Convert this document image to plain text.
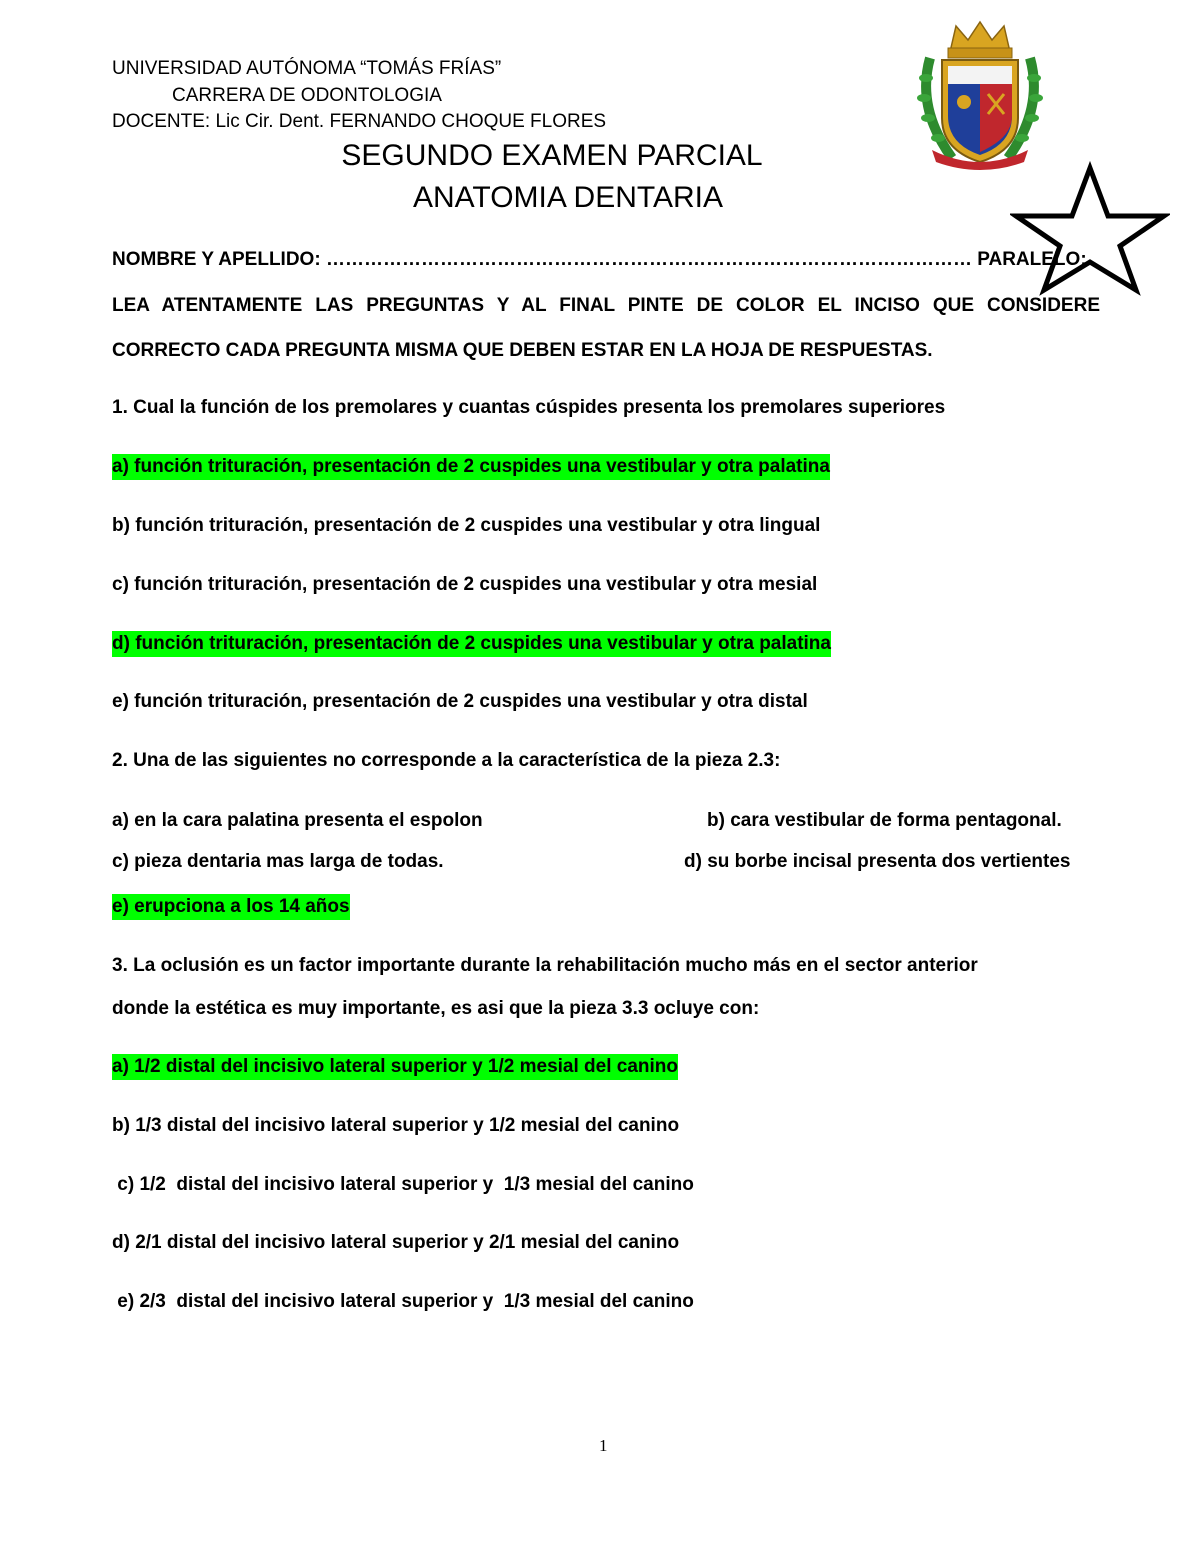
UNIVERSIDAD AUTÓNOMA “TOMÁS FRÍAS”
CARRERA DE ODONTOLOGIA
DOCENTE: Lic Cir. Dent. FERNANDO CHOQUE FLORES
SEGUNDO EXAMEN PARCIAL
ANATOMIA DENTARIA
NOMBRE Y APELLIDO: ………………………………………………………………………………………… PARALELO:
LEA ATENTAMENTE LAS PREGUNTAS Y AL FINAL PINTE DE COLOR EL INCISO QUE CONSIDERE
CORRECTO CADA PREGUNTA MISMA QUE DEBEN ESTAR EN LA HOJA DE RESPUESTAS.
1. Cual la función de los premolares y cuantas cúspides presenta los premolares superiores
a) función trituración, presentación de 2 cuspides una vestibular y otra palatina
b) función trituración, presentación de 2 cuspides una vestibular y otra lingual
c) función trituración, presentación de 2 cuspides una vestibular y otra mesial
d) función trituración, presentación de 2 cuspides una vestibular y otra palatina
e) función trituración, presentación de 2 cuspides una vestibular y otra distal
2. Una de las siguientes no corresponde a la característica de la pieza 2.3:
a) en la cara palatina presenta el espolon	b) cara vestibular de forma pentagonal.
c) pieza dentaria mas larga de todas.	d) su borbe incisal presenta dos vertientes
e) erupciona a los 14 años
3. La oclusión es un factor importante durante la rehabilitación mucho más en el sector anterior
donde la estética es muy importante, es asi que la pieza 3.3 ocluye con:
a) 1/2 distal del incisivo lateral superior y 1/2 mesial del canino
b) 1/3 distal del incisivo lateral superior y 1/2 mesial del canino
c) 1/2  distal del incisivo lateral superior y  1/3 mesial del canino
d) 2/1 distal del incisivo lateral superior y 2/1 mesial del canino
e) 2/3  distal del incisivo lateral superior y  1/3 mesial del canino
1
